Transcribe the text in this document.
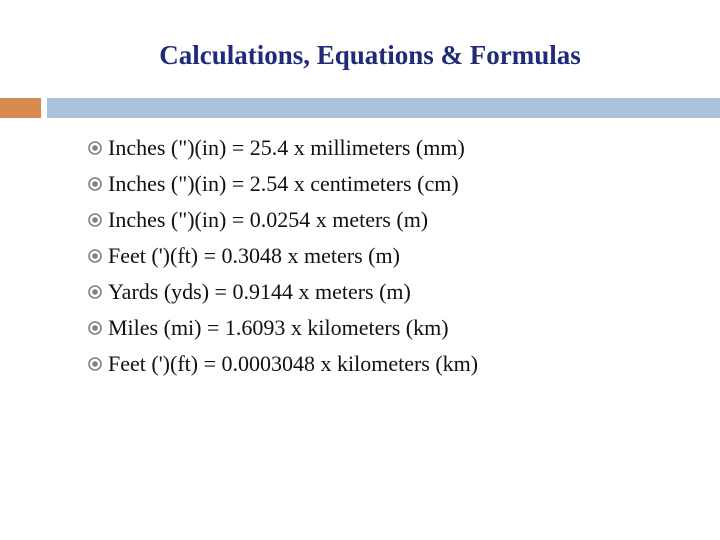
Calculations, Equations & Formulas
Inches (")(in) = 25.4 x millimeters (mm)
Inches (")(in) = 2.54 x centimeters (cm)
Inches (")(in) = 0.0254 x meters (m)
Feet (')(ft) = 0.3048 x meters (m)
Yards (yds) = 0.9144 x meters (m)
Miles (mi) = 1.6093 x kilometers (km)
Feet (')(ft) = 0.0003048 x kilometers (km)
